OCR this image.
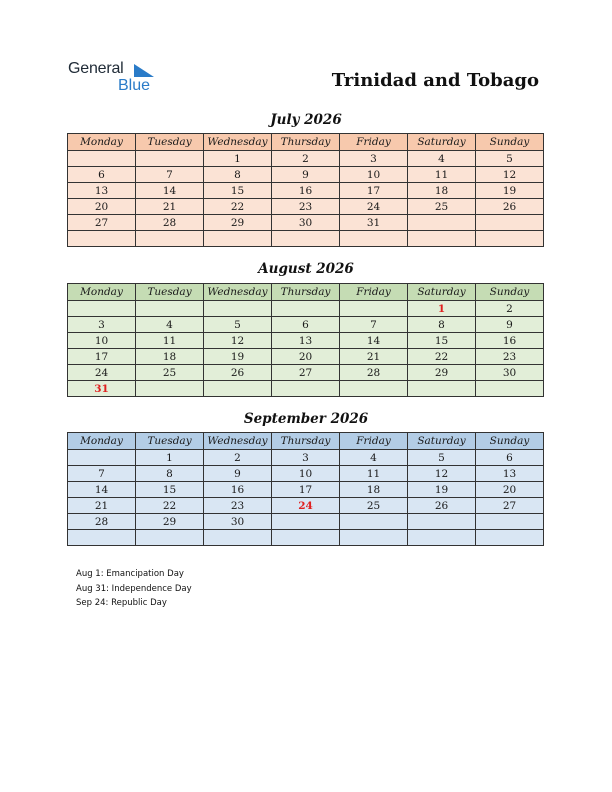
General
Blue	Trinidad and Tobago
July 2026
Monday	Tuesday	Wednesday	Thursday	Friday	Saturday	Sunday
		1	2	3	4	5
6	7	8	9	10	11	12
13	14	15	16	17	18	19
20	21	22	23	24	25	26
27	28	29	30	31		

August 2026
Monday	Tuesday	Wednesday	Thursday	Friday	Saturday	Sunday
					1	2
3	4	5	6	7	8	9
10	11	12	13	14	15	16
17	18	19	20	21	22	23
24	25	26	27	28	29	30
31						
September 2026
Monday	Tuesday	Wednesday	Thursday	Friday	Saturday	Sunday
	1	2	3	4	5	6
7	8	9	10	11	12	13
14	15	16	17	18	19	20
21	22	23	24	25	26	27
28	29	30				

Aug 1: Emancipation Day
Aug 31: Independence Day
Sep 24: Republic Day
